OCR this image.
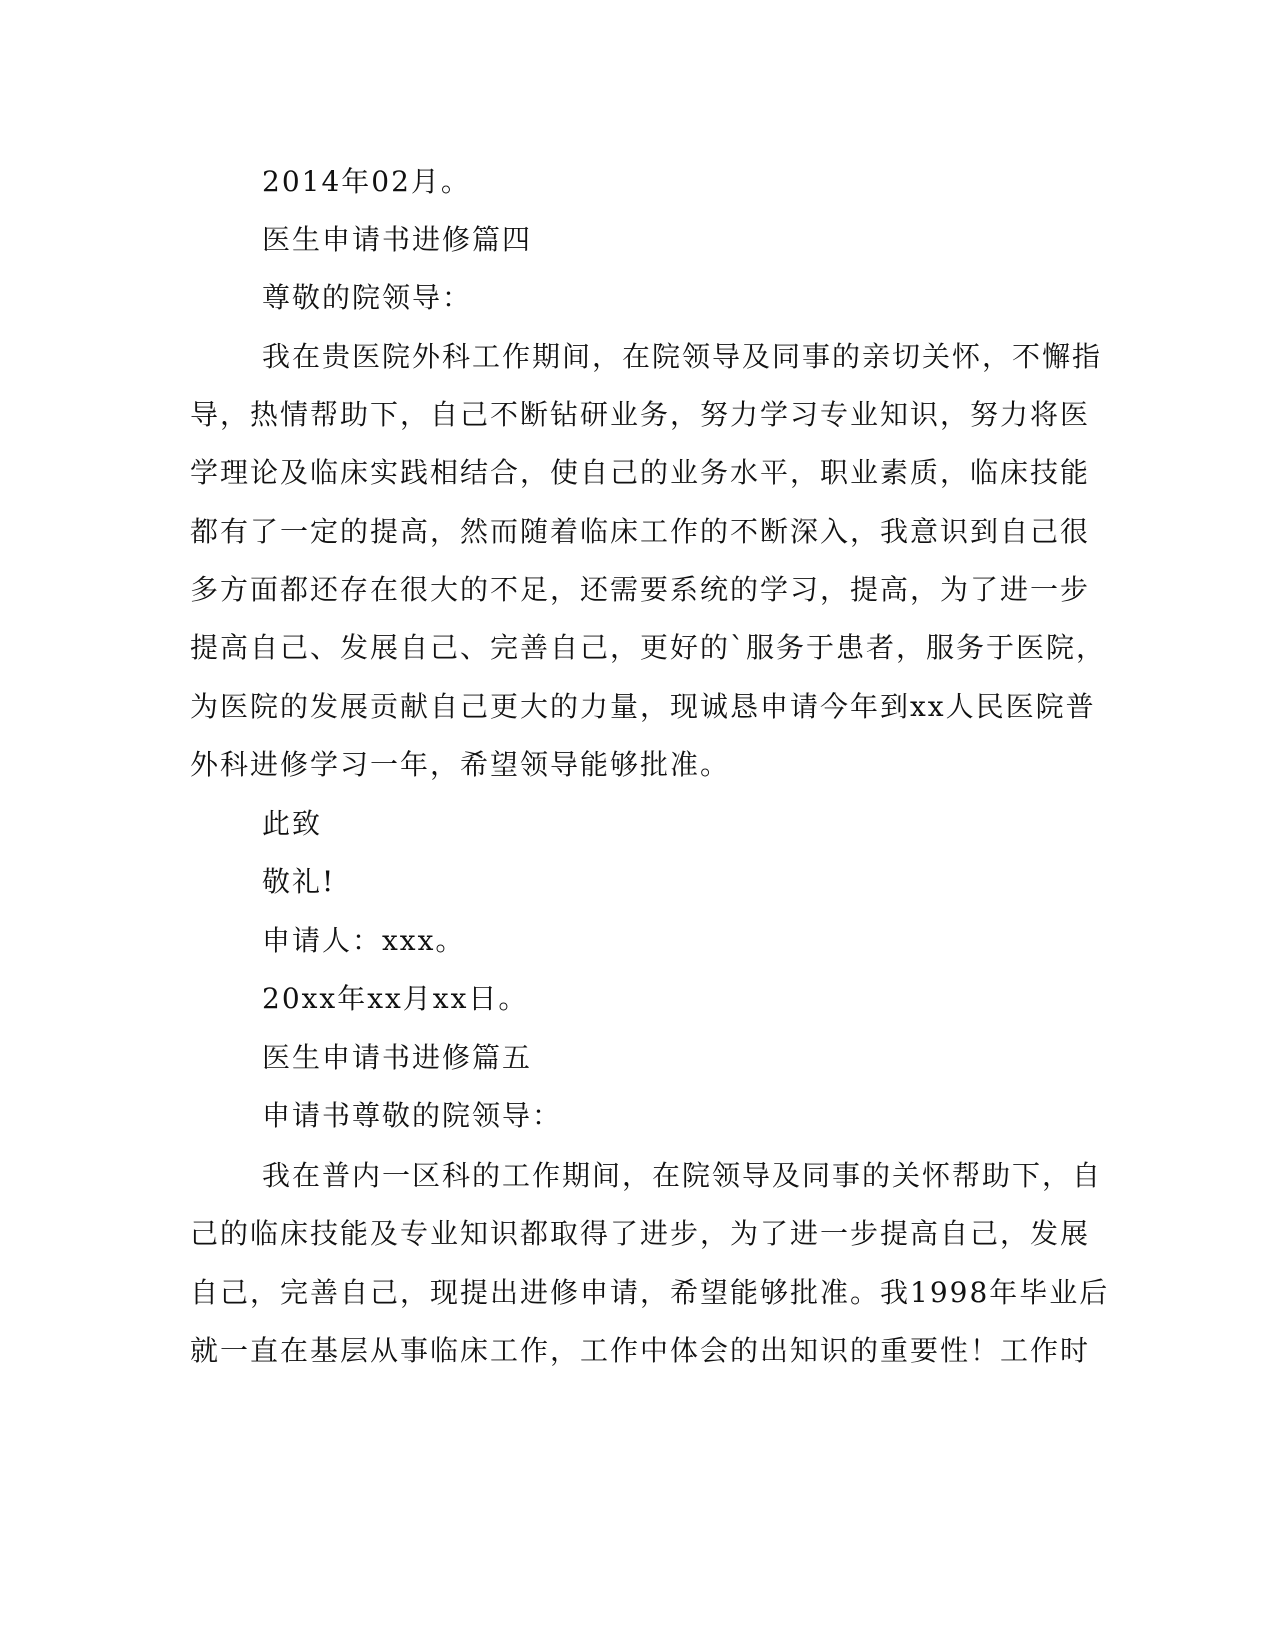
2014年02月。
医生申请书进修篇四
尊敬的院领导：
我在贵医院外科工作期间，在院领导及同事的亲切关怀，不懈指
导，热情帮助下，自己不断钻研业务，努力学习专业知识，努力将医
学理论及临床实践相结合，使自己的业务水平，职业素质，临床技能
都有了一定的提高，然而随着临床工作的不断深入，我意识到自己很
多方面都还存在很大的不足，还需要系统的学习，提高，为了进一步
提高自己、发展自己、完善自己，更好的`服务于患者，服务于医院，
为医院的发展贡献自己更大的力量，现诚恳申请今年到xx人民医院普
外科进修学习一年，希望领导能够批准。
此致
敬礼!
申请人：xxx。
20xx年xx月xx日。
医生申请书进修篇五
申请书尊敬的院领导：
我在普内一区科的工作期间，在院领导及同事的关怀帮助下，自
己的临床技能及专业知识都取得了进步，为了进一步提高自己，发展
自己，完善自己，现提出进修申请，希望能够批准。我1998年毕业后
就一直在基层从事临床工作，工作中体会的出知识的重要性！工作时
